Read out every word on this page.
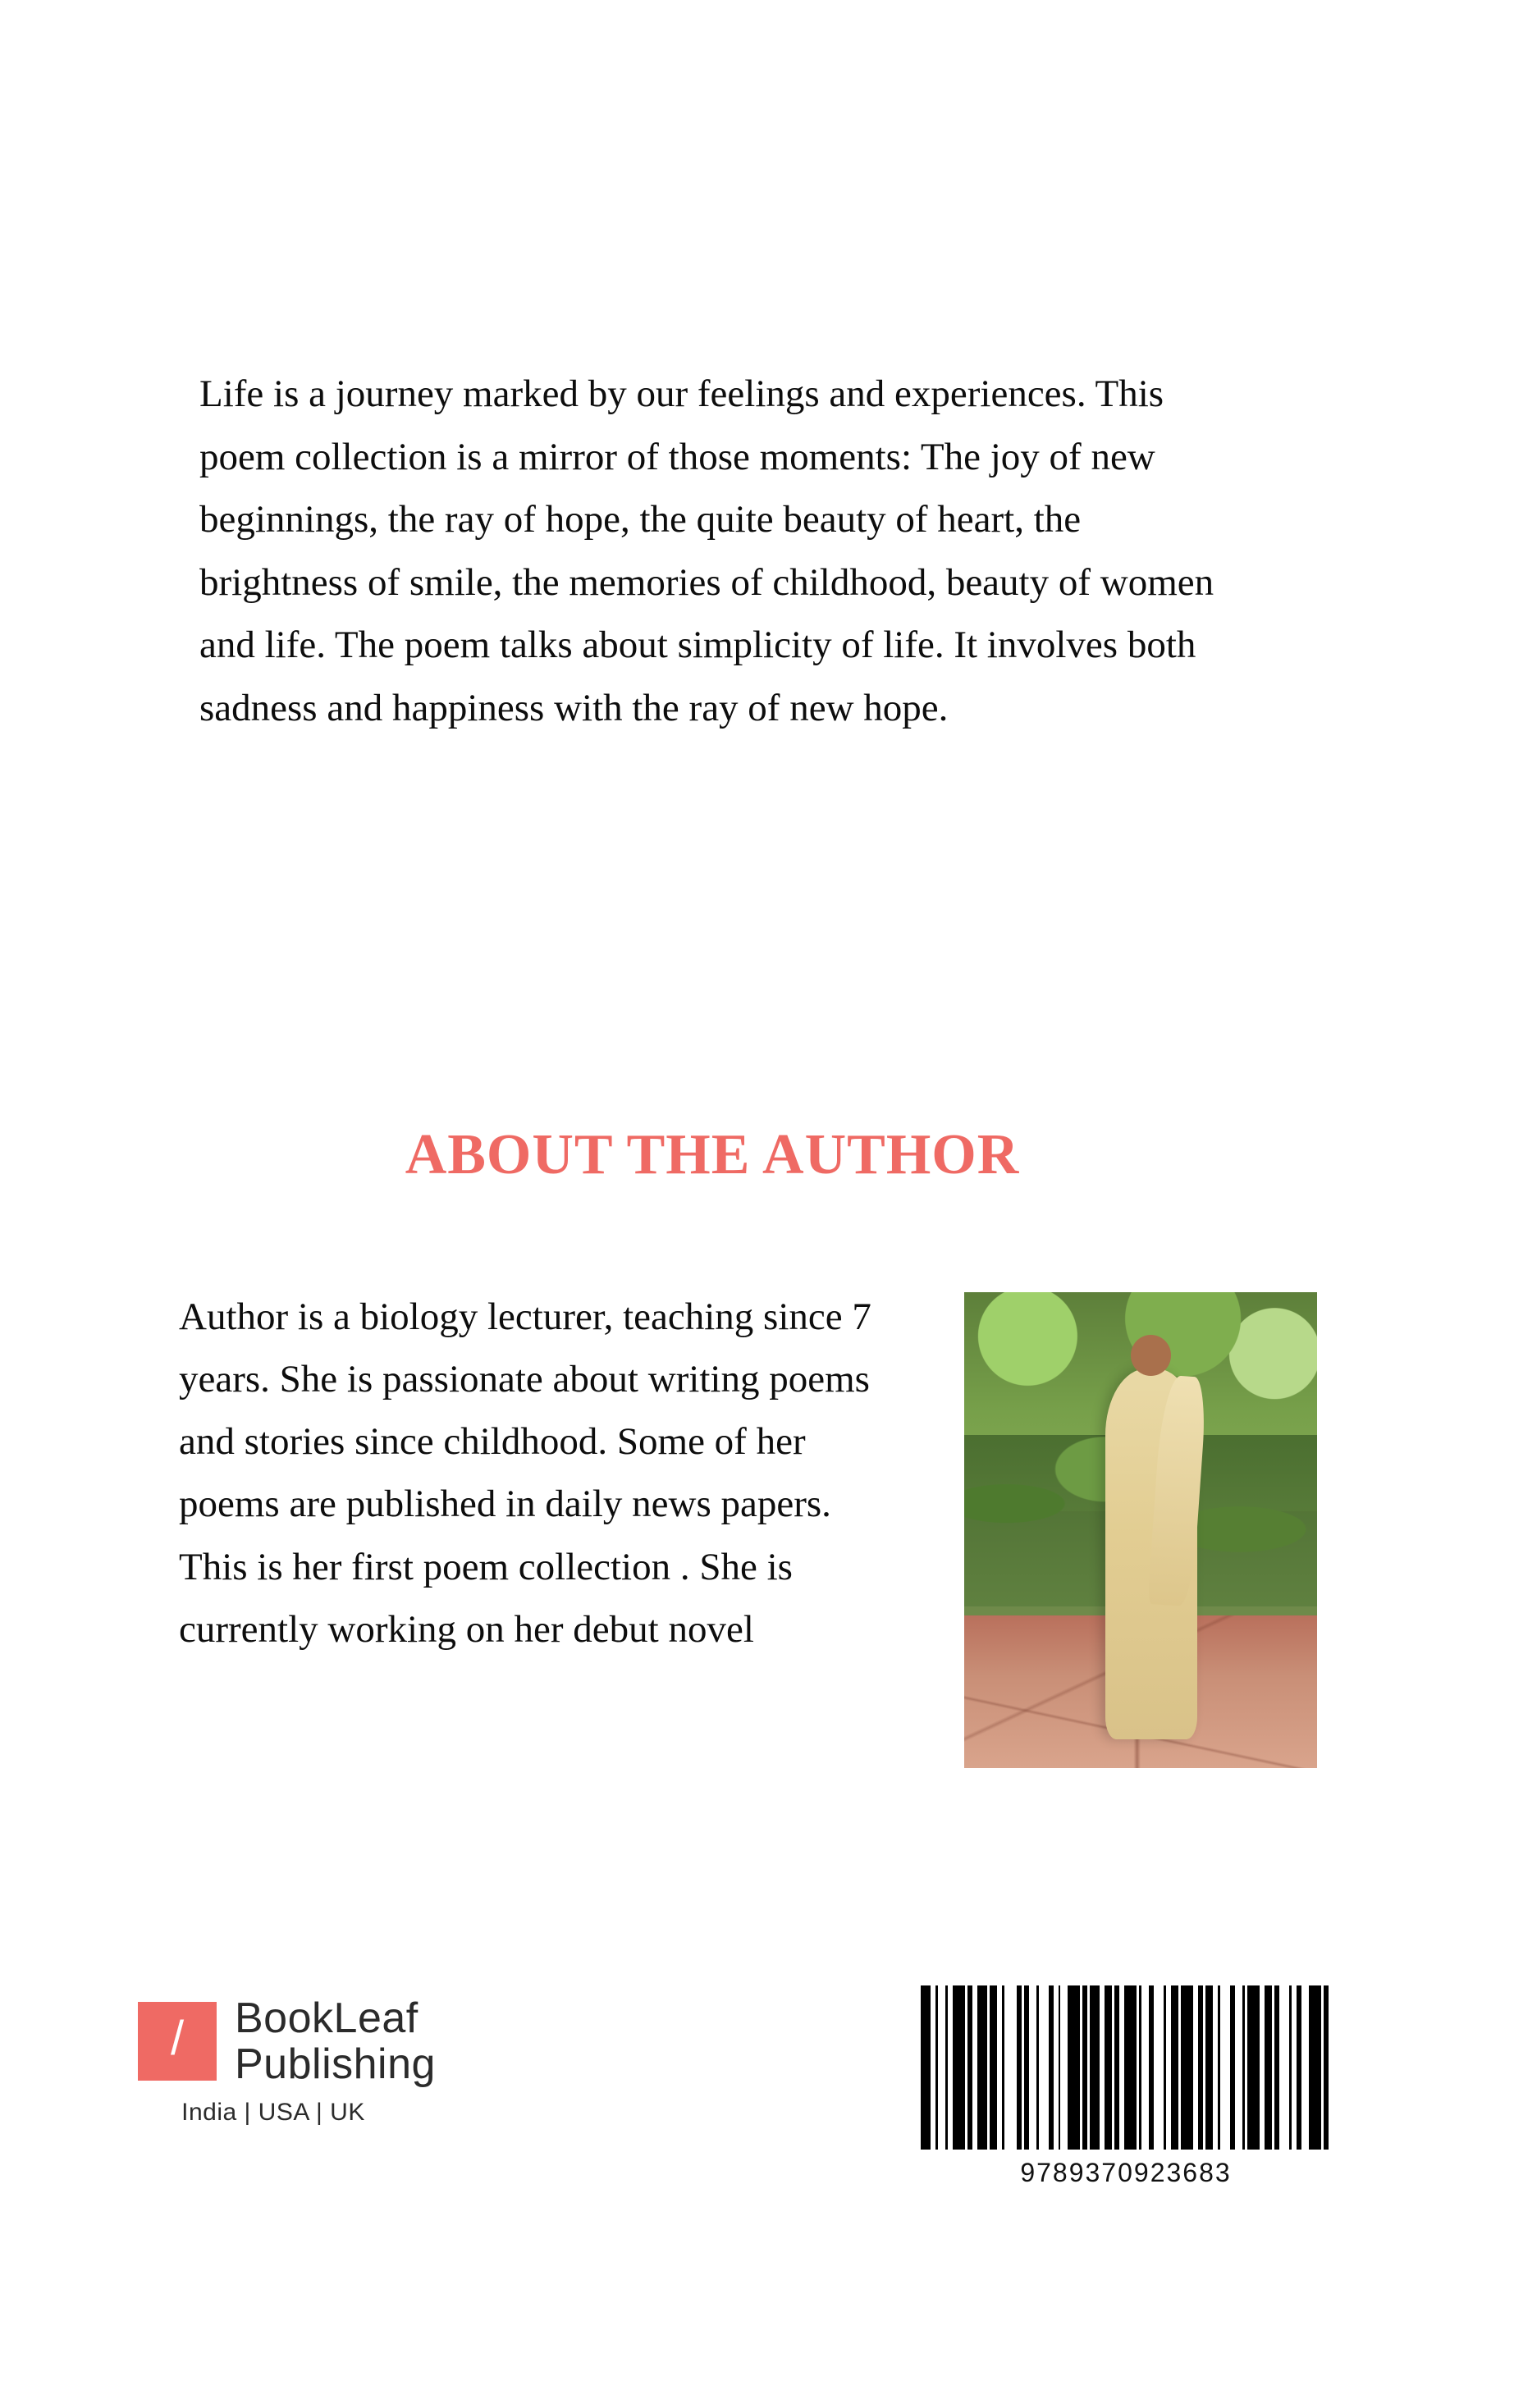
Life is a journey marked by our feelings and experiences. This poem collection is a mirror of those moments: The joy of new beginnings, the ray of hope, the quite beauty of heart, the brightness of smile, the memories of childhood, beauty of women and life. The poem talks about simplicity of life. It involves both sadness and happiness with the ray of new hope.

ABOUT THE AUTHOR

Author is a biology lecturer, teaching since 7 years. She is passionate about writing poems and stories since childhood. Some of her poems are published in daily news papers. This is her first poem collection . She is currently working on her debut novel

/ BookLeaf
Publishing
India | USA | UK
9789370923683
